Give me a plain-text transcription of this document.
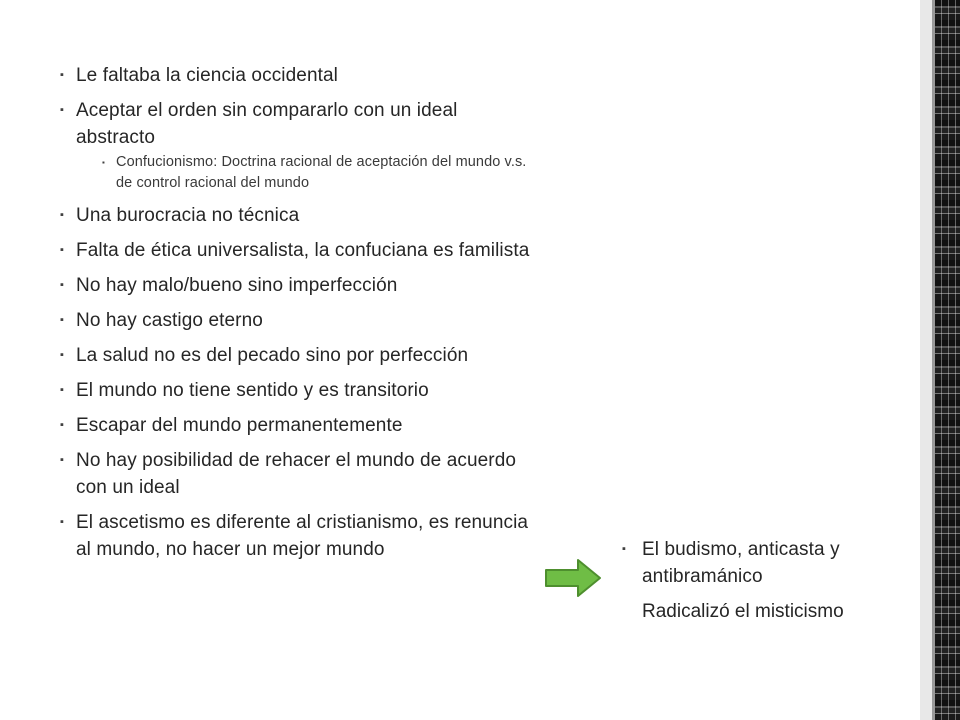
▪ Le faltaba la ciencia occidental
▪ Aceptar el orden sin compararlo con un ideal abstracto
▪ Confucionismo: Doctrina racional de aceptación del mundo v.s. de control racional del mundo
▪ Una burocracia no técnica
▪ Falta de ética universalista, la confuciana es familista
▪ No hay malo/bueno sino imperfección
▪ No hay castigo eterno
▪ La salud no es del pecado sino por perfección
▪ El mundo no tiene sentido y es transitorio
▪ Escapar del mundo permanentemente
▪ No hay posibilidad de rehacer el mundo de acuerdo con un ideal
▪ El ascetismo es diferente al cristianismo, es renuncia al mundo, no hacer un mejor mundo	▪ El budismo, anticasta y antibramánico
Radicalizó el misticismo
